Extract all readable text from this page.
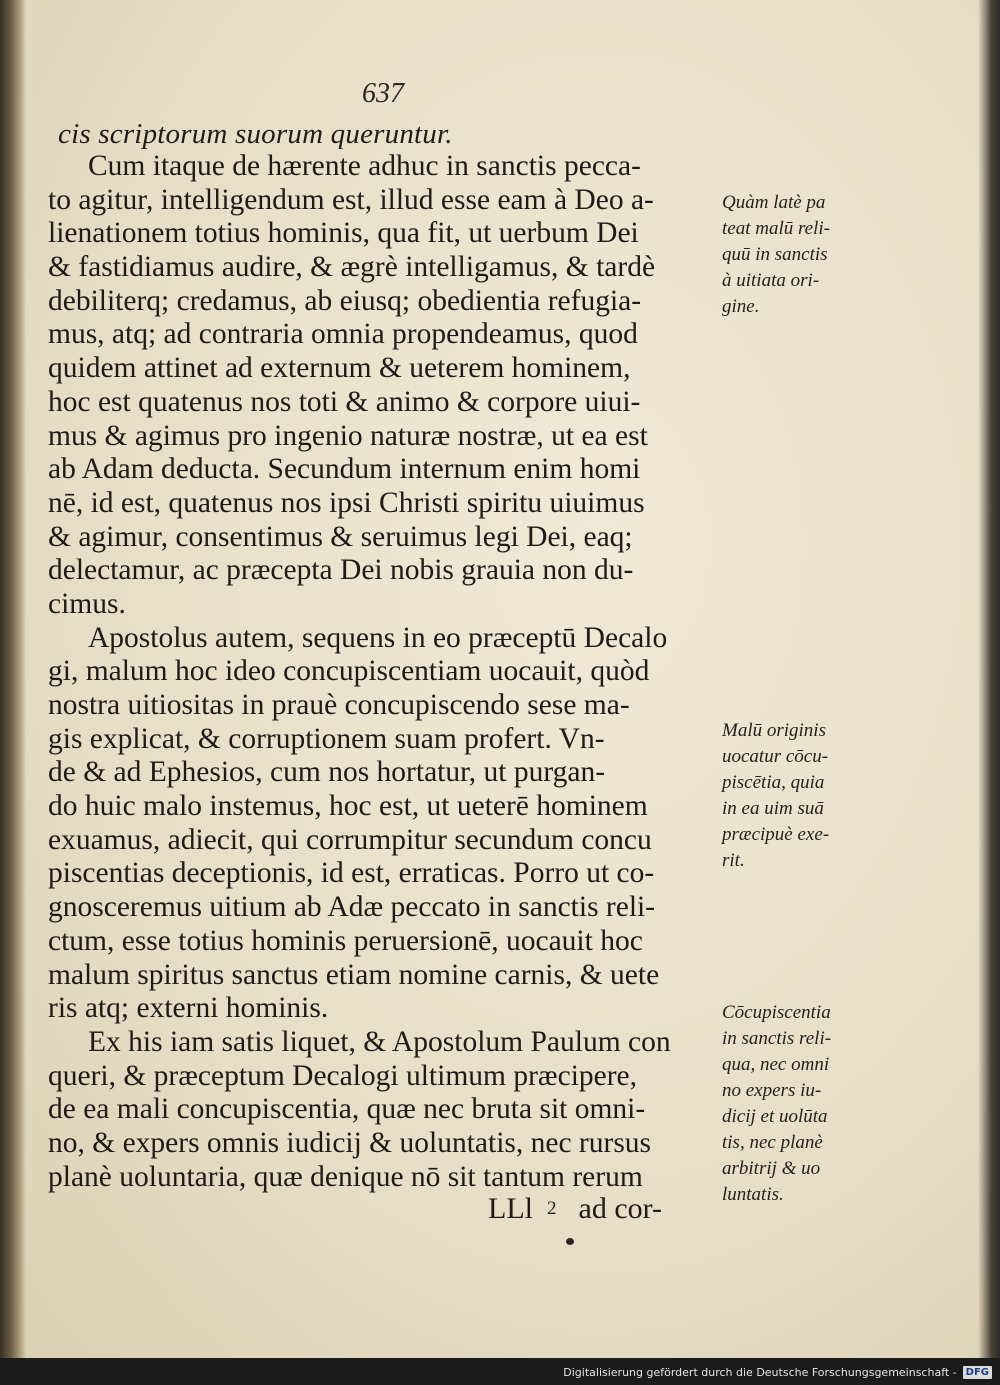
637
cis scriptorum suorum queruntur.
Cum itaque de hærente adhuc in sanctis pecca-
to agitur, intelligendum est, illud esse eam à Deo a-
lienationem totius hominis, qua fit, ut uerbum Dei
& fastidiamus audire, & ægrè intelligamus, & tardè
debiliterq; credamus, ab eiusq; obedientia refugia-
mus, atq; ad contraria omnia propendeamus, quod
quidem attinet ad externum & ueterem hominem,
hoc est quatenus nos toti & animo & corpore uiui-
mus & agimus pro ingenio naturæ nostræ, ut ea est
ab Adam deducta. Secundum internum enim homi
nē, id est, quatenus nos ipsi Christi spiritu uiuimus
& agimur, consentimus & seruimus legi Dei, eaq;
delectamur, ac præcepta Dei nobis grauia non du-
cimus.
Apostolus autem, sequens in eo præceptū Decalo
gi, malum hoc ideo concupiscentiam uocauit, quòd
nostra uitiositas in prauè concupiscendo sese ma-
gis explicat, & corruptionem suam profert. Vn-
de & ad Ephesios, cum nos hortatur, ut purgan-
do huic malo instemus, hoc est, ut ueterē hominem
exuamus, adiecit, qui corrumpitur secundum concu
piscentias deceptionis, id est, erraticas. Porro ut co-
gnosceremus uitium ab Adæ peccato in sanctis reli-
ctum, esse totius hominis peruersionē, uocauit hoc
malum spiritus sanctus etiam nomine carnis, & uete
ris atq; externi hominis.
Ex his iam satis liquet, & Apostolum Paulum con
queri, & præceptum Decalogi ultimum præcipere,
de ea mali concupiscentia, quæ nec bruta sit omni-
no, & expers omnis iudicij & uoluntatis, nec rursus
planè uoluntaria, quæ denique nō sit tantum rerum
Quàm latè pa
teat malū reli-
quū in sanctis
à uitiata ori-
gine.
Malū originis
uocatur cōcu-
piscētia, quia
in ea uim suā
præcipuè exe-
rit.
Cōcupiscentia
in sanctis reli-
qua, nec omni
no expers iu-
dicij et uolūta
tis, nec planè
arbitrij & uo
luntatis.
LLl 2 ad cor-
Digitalisierung gefördert durch die Deutsche Forschungsgemeinschaft - DFG
